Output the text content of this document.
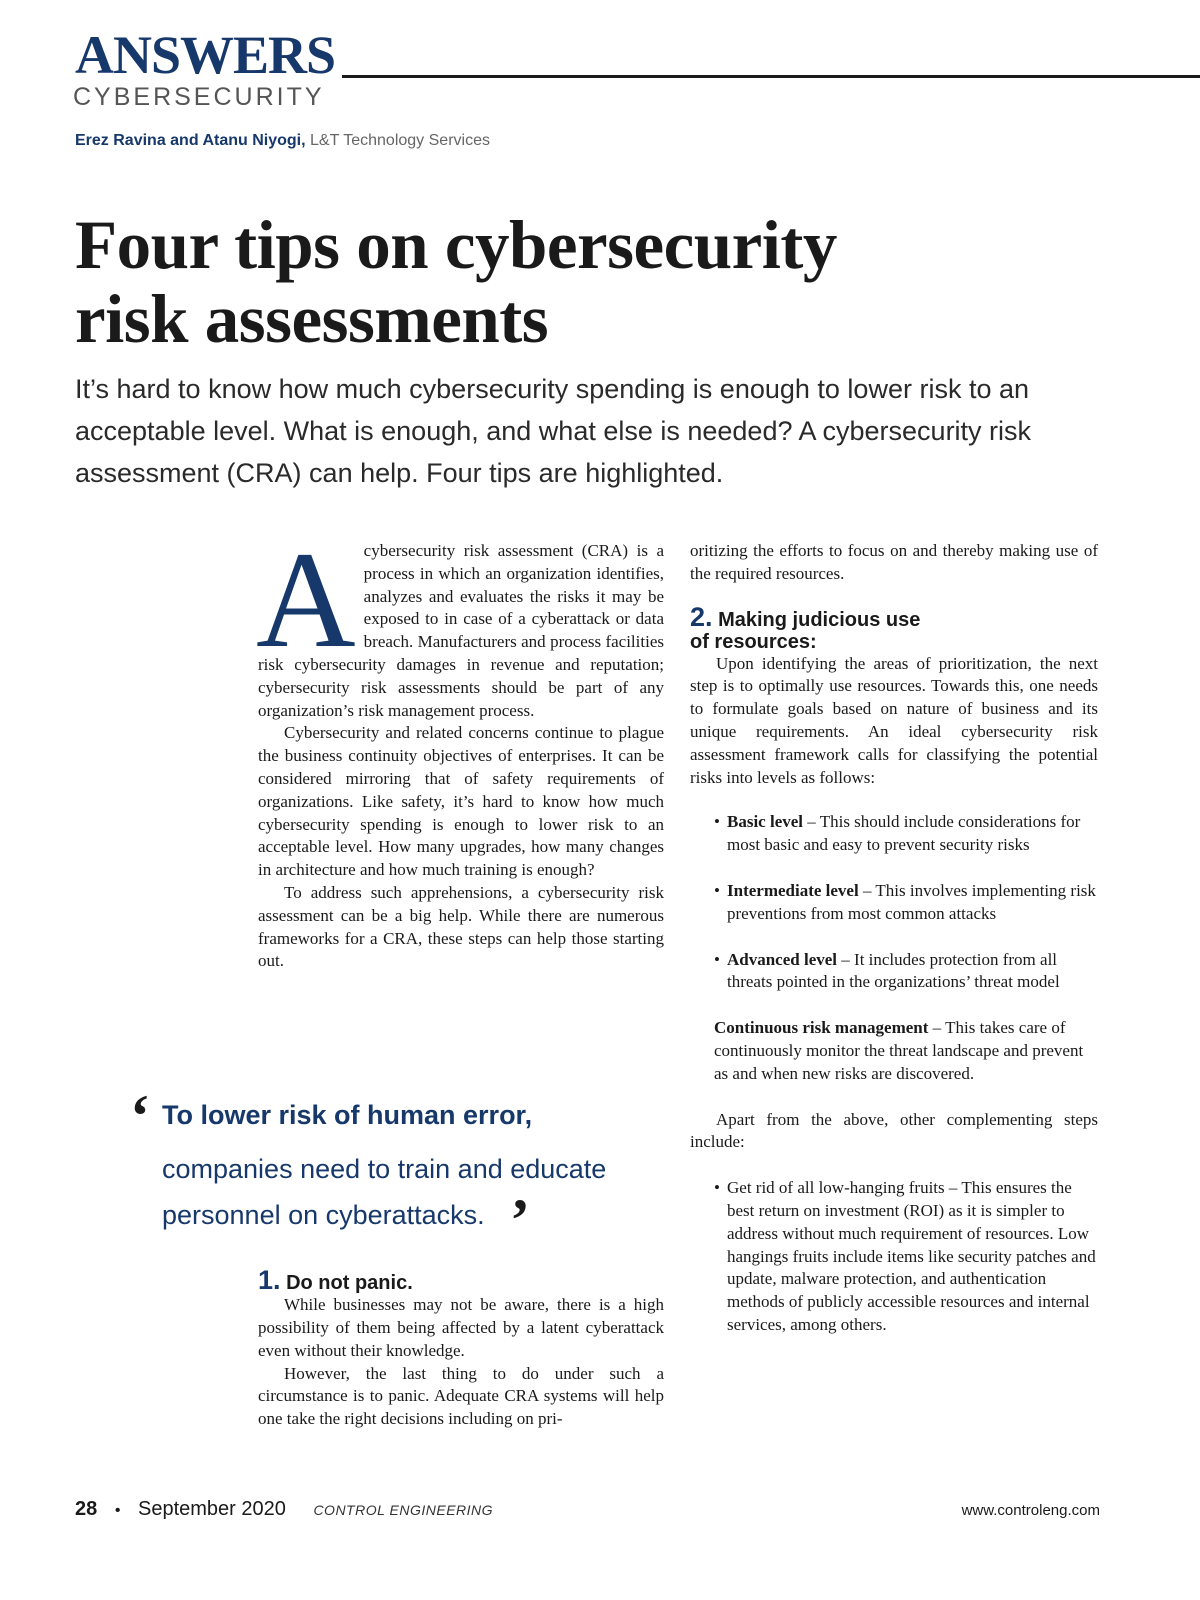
ANSWERS
CYBERSECURITY
Erez Ravina and Atanu Niyogi, L&T Technology Services
Four tips on cybersecurity
risk assessments

It’s hard to know how much cybersecurity spending is enough to lower risk to an acceptable level. What is enough, and what else is needed? A cybersecurity risk assessment (CRA) can help. Four tips are highlighted.

Acybersecurity risk assessment (CRA) is a process in which an organization identifies, analyzes and evaluates the risks it may be exposed to in case of a cyberattack or data breach. Manufacturers and process facilities risk cybersecurity damages in revenue and reputation; cybersecurity risk assessments should be part of any organization’s risk management process.

Cybersecurity and related concerns continue to plague the business continuity objectives of enterprises. It can be considered mirroring that of safety requirements of organizations. Like safety, it’s hard to know how much cybersecurity spending is enough to lower risk to an acceptable level. How many upgrades, how many changes in architecture and how much training is enough?

To address such apprehensions, a cybersecurity risk assessment can be a big help. While there are numerous frameworks for a CRA, these steps can help those starting out.

1. Do not panic.

While businesses may not be aware, there is a high possibility of them being affected by a latent cyberattack even without their knowledge.

However, the last thing to do under such a circumstance is to panic. Adequate CRA systems will help one take the right decisions including on pri-

oritizing the efforts to focus on and thereby making use of the required resources.

2. Making judicious use
of resources:

Upon identifying the areas of prioritization, the next step is to optimally use resources. Towards this, one needs to formulate goals based on nature of business and its unique requirements. An ideal cybersecurity risk assessment framework calls for classifying the potential risks into levels as follows:

• Basic level – This should include considerations for most basic and easy to prevent security risks
• Intermediate level – This involves implementing risk preventions from most common attacks
• Advanced level – It includes protection from all threats pointed in the organizations’ threat model

Continuous risk management – This takes care of continuously monitor the threat landscape and prevent as and when new risks are discovered.

Apart from the above, other complementing steps include:

• Get rid of all low-hanging fruits – This ensures the best return on investment (ROI) as it is simpler to address without much requirement of resources. Low hangings fruits include items like security patches and update, malware protection, and authentication methods of publicly accessible resources and internal services, among others.
‘ To lower risk of human error,
companies need to train and educate personnel on cyberattacks. ’
28 • September 2020 CONTROL ENGINEERING	www.controleng.com
